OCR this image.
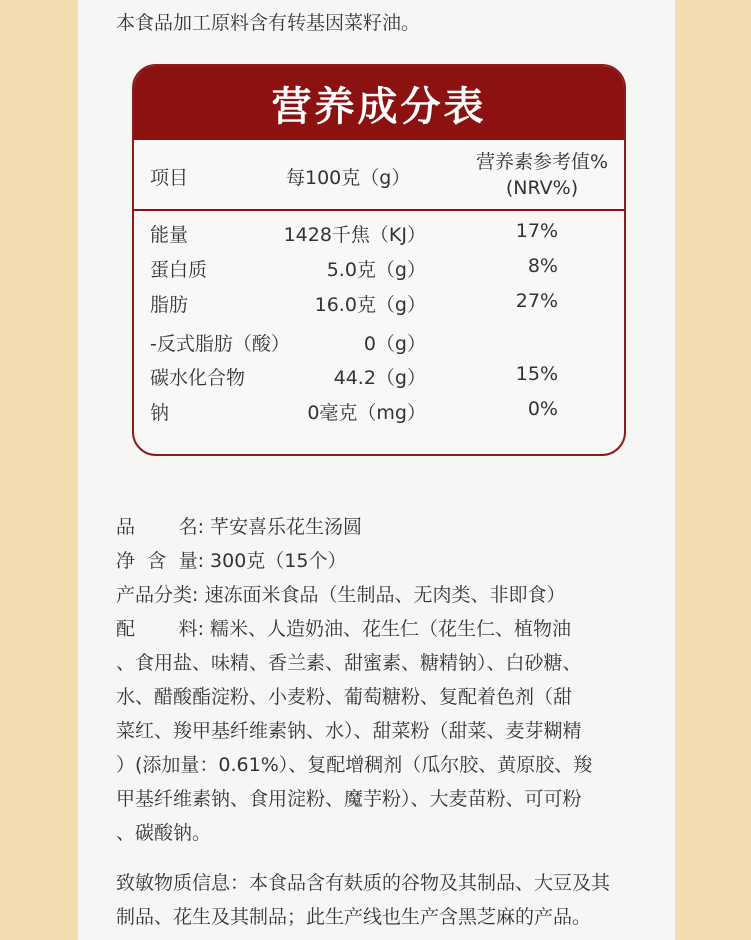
本食品加工原料含有转基因菜籽油。
营养成分表
项目	每100克（g）
营养素参考值%
(NRV%)
能量	1428千焦（KJ）	17%
蛋白质	5.0克（g）	8%
脂肪	16.0克（g）	27%
-反式脂肪（酸）	0（g）
碳水化合物	44.2（g）	15%
钠	0毫克（mg）	0%
品 名: 芊安喜乐花生汤圆
净 含 量: 300克（15个）
产品分类: 速冻面米食品（生制品、无肉类、非即食）
配 料: 糯米、人造奶油、花生仁（花生仁、植物油
、食用盐、味精、香兰素、甜蜜素、糖精钠）、白砂糖、
水、醋酸酯淀粉、小麦粉、葡萄糖粉、复配着色剂（甜
菜红、羧甲基纤维素钠、水）、甜菜粉（甜菜、麦芽糊精
）(添加量：0.61%）、复配增稠剂（瓜尔胶、黄原胶、羧
甲基纤维素钠、食用淀粉、魔芋粉）、大麦苗粉、可可粉
、碳酸钠。
致敏物质信息：本食品含有麸质的谷物及其制品、大豆及其
制品、花生及其制品；此生产线也生产含黑芝麻的产品。
